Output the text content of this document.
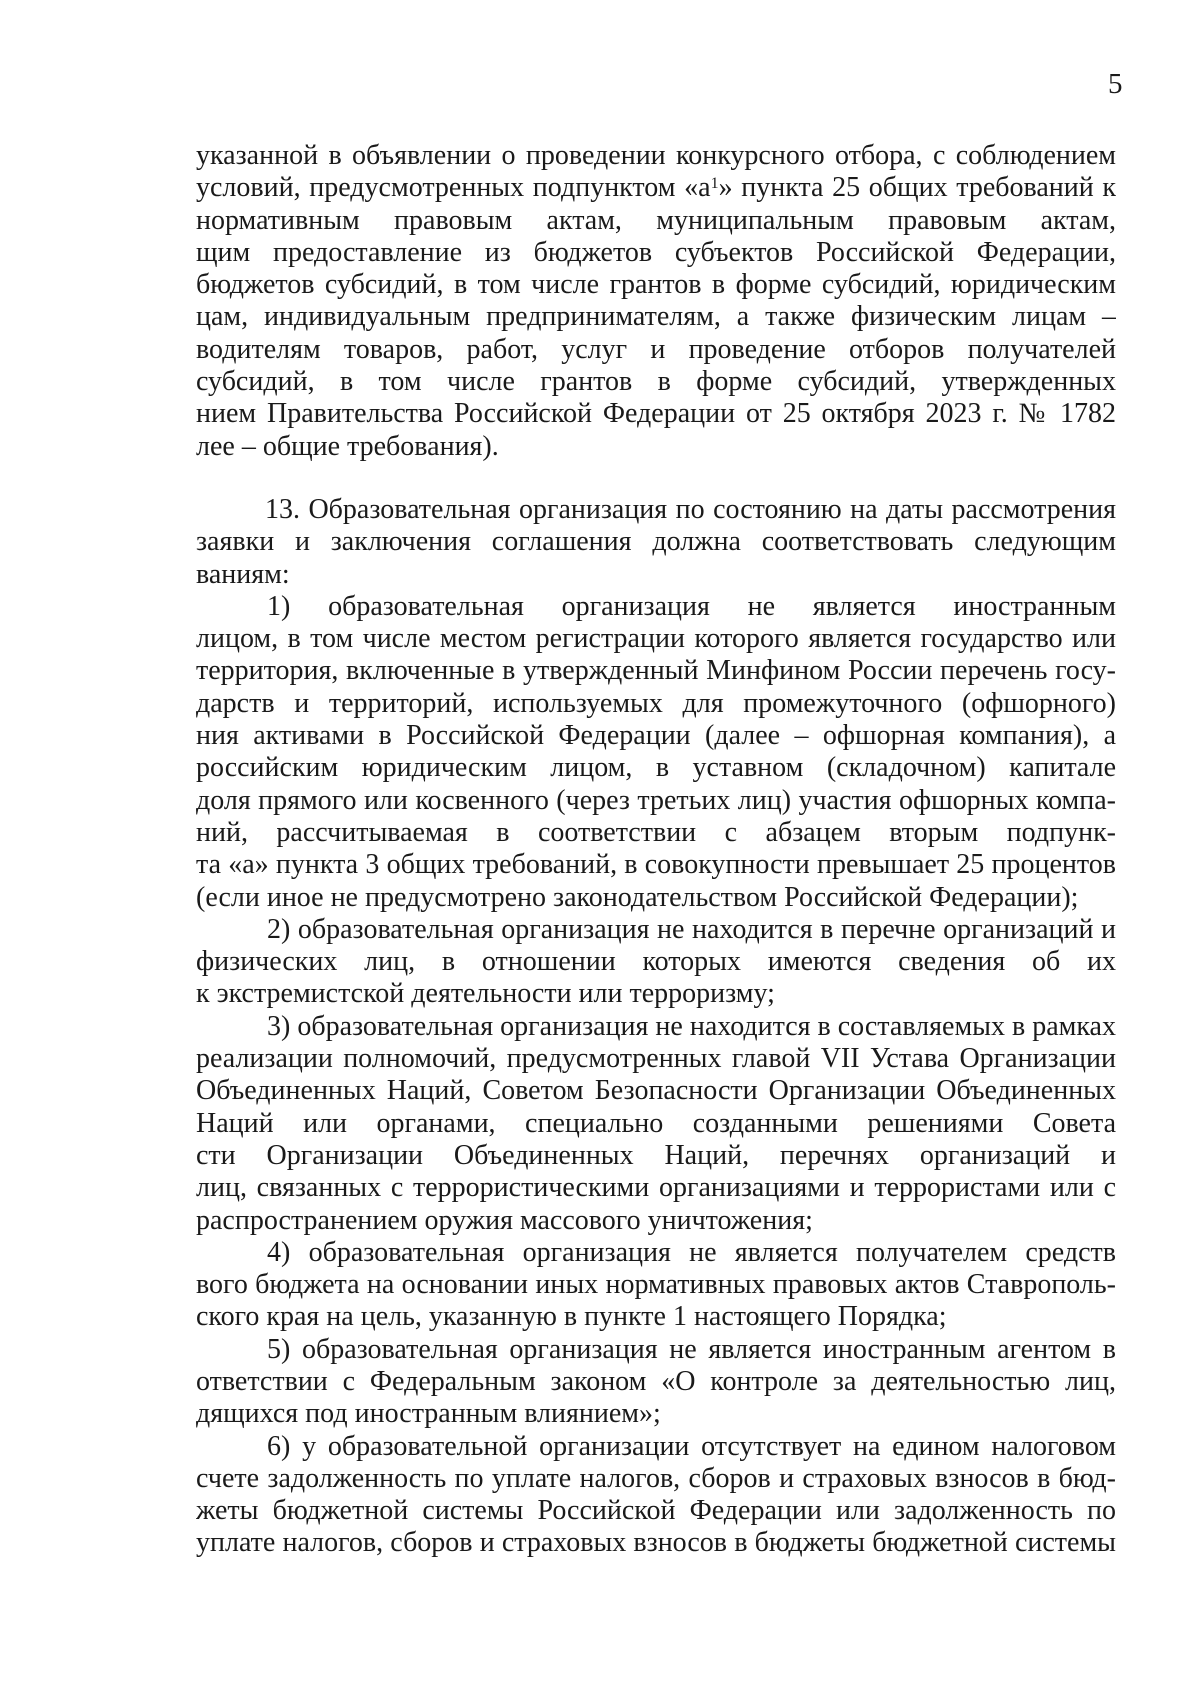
5
указанной в объявлении о проведении конкурсного отбора, с соблюдением
условий, предусмотренных подпунктом «а$^1$» пункта 25 общих требований к
нормативным правовым актам, муниципальным правовым актам,
щим предоставление из бюджетов субъектов Российской Федерации,
бюджетов субсидий, в том числе грантов в форме субсидий, юридическим
цам, индивидуальным предпринимателям, а также физическим лицам –
водителям товаров, работ, услуг и проведение отборов получателей
субсидий, в том числе грантов в форме субсидий, утвержденных
нием Правительства Российской Федерации от 25 октября 2023 г. № 1782
лее – общие требования).
13. Образовательная организация по состоянию на даты рассмотрения
заявки и заключения соглашения должна соответствовать следующим
ваниям:
1) образовательная организация не является иностранным
лицом, в том числе местом регистрации которого является государство или
территория, включенные в утвержденный Минфином России перечень госу-
дарств и территорий, используемых для промежуточного (офшорного)
ния активами в Российской Федерации (далее – офшорная компания), а
российским юридическим лицом, в уставном (складочном) капитале
доля прямого или косвенного (через третьих лиц) участия офшорных компа-
ний, рассчитываемая в соответствии с абзацем вторым подпунк-
та «а» пункта 3 общих требований, в совокупности превышает 25 процентов
(если иное не предусмотрено законодательством Российской Федерации);
2) образовательная организация не находится в перечне организаций и
физических лиц, в отношении которых имеются сведения об их
к экстремистской деятельности или терроризму;
3) образовательная организация не находится в составляемых в рамках
реализации полномочий, предусмотренных главой VII Устава Организации
Объединенных Наций, Советом Безопасности Организации Объединенных
Наций или органами, специально созданными решениями Совета
сти Организации Объединенных Наций, перечнях организаций и
лиц, связанных с террористическими организациями и террористами или с
распространением оружия массового уничтожения;
4) образовательная организация не является получателем средств
вого бюджета на основании иных нормативных правовых актов Ставрополь-
ского края на цель, указанную в пункте 1 настоящего Порядка;
5) образовательная организация не является иностранным агентом в
ответствии с Федеральным законом «О контроле за деятельностью лиц,
дящихся под иностранным влиянием»;
6) у образовательной организации отсутствует на едином налоговом
счете задолженность по уплате налогов, сборов и страховых взносов в бюд-
жеты бюджетной системы Российской Федерации или задолженность по
уплате налогов, сборов и страховых взносов в бюджеты бюджетной системы
